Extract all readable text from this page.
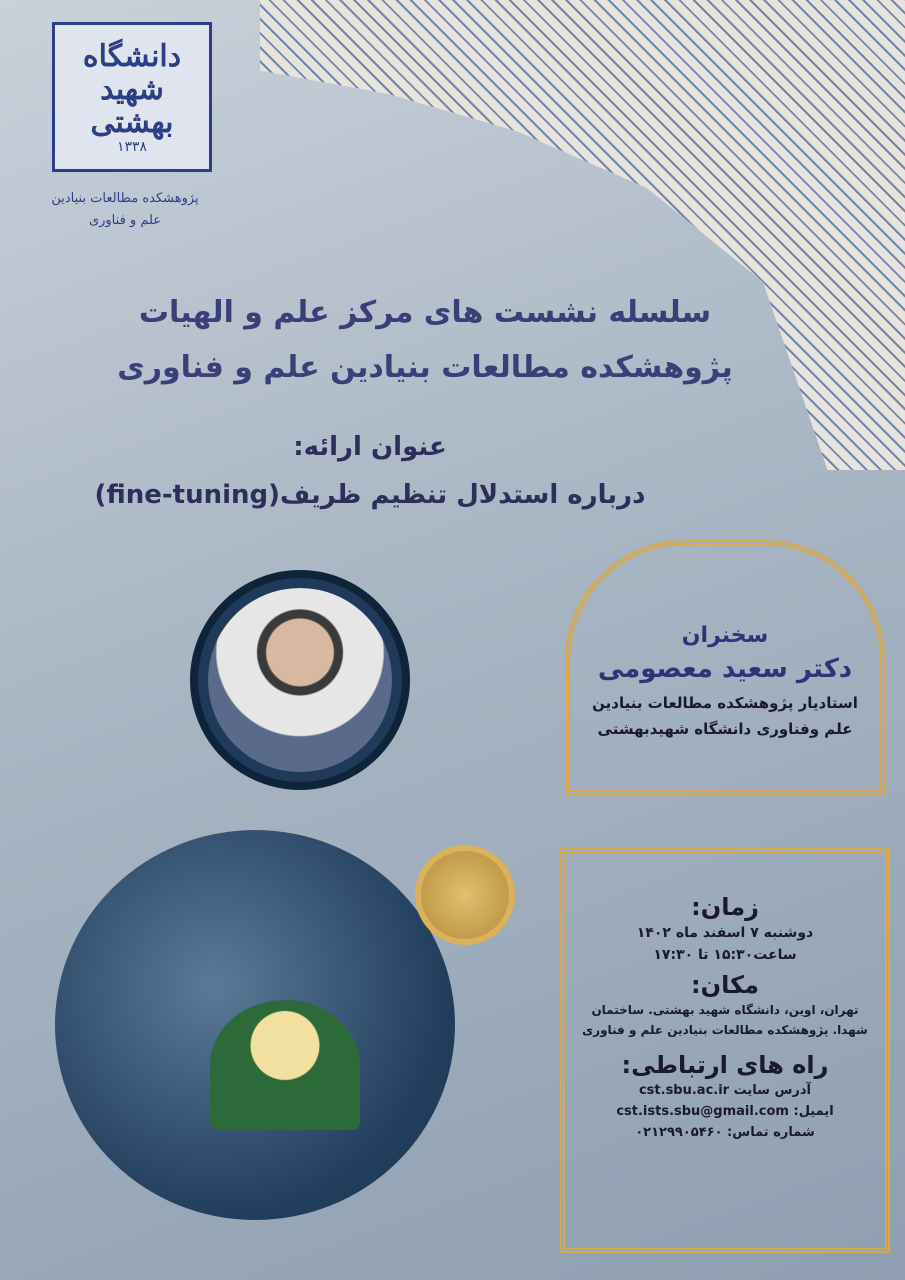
دانشگاه شهید بهشتی
۱۳۳۸
پژوهشکده مطالعات بنیادین
علم و فناوری
سلسله نشست های مرکز علم و الهیات
پژوهشکده مطالعات بنیادین علم و فناوری
عنوان ارائه:
درباره استدلال تنظیم ظریف(fine-tuning)
سخنران
دکتر سعید معصومی
استادیار پژوهشکده مطالعات بنیادین
علم وفناوری دانشگاه شهیدبهشتی
زمان:
دوشنبه ۷ اسفند ماه ۱۴۰۲
ساعت۱۵:۳۰ تا ۱۷:۳۰
مکان:
تهران، اوین، دانشگاه شهید بهشتی. ساختمان
شهدا. پژوهشکده مطالعات بنیادین علم و فناوری
راه های ارتباطی:
آدرس سایت cst.sbu.ac.ir
ایمیل: cst.ists.sbu@gmail.com
شماره تماس: ۰۲۱۲۹۹۰۵۴۶۰
